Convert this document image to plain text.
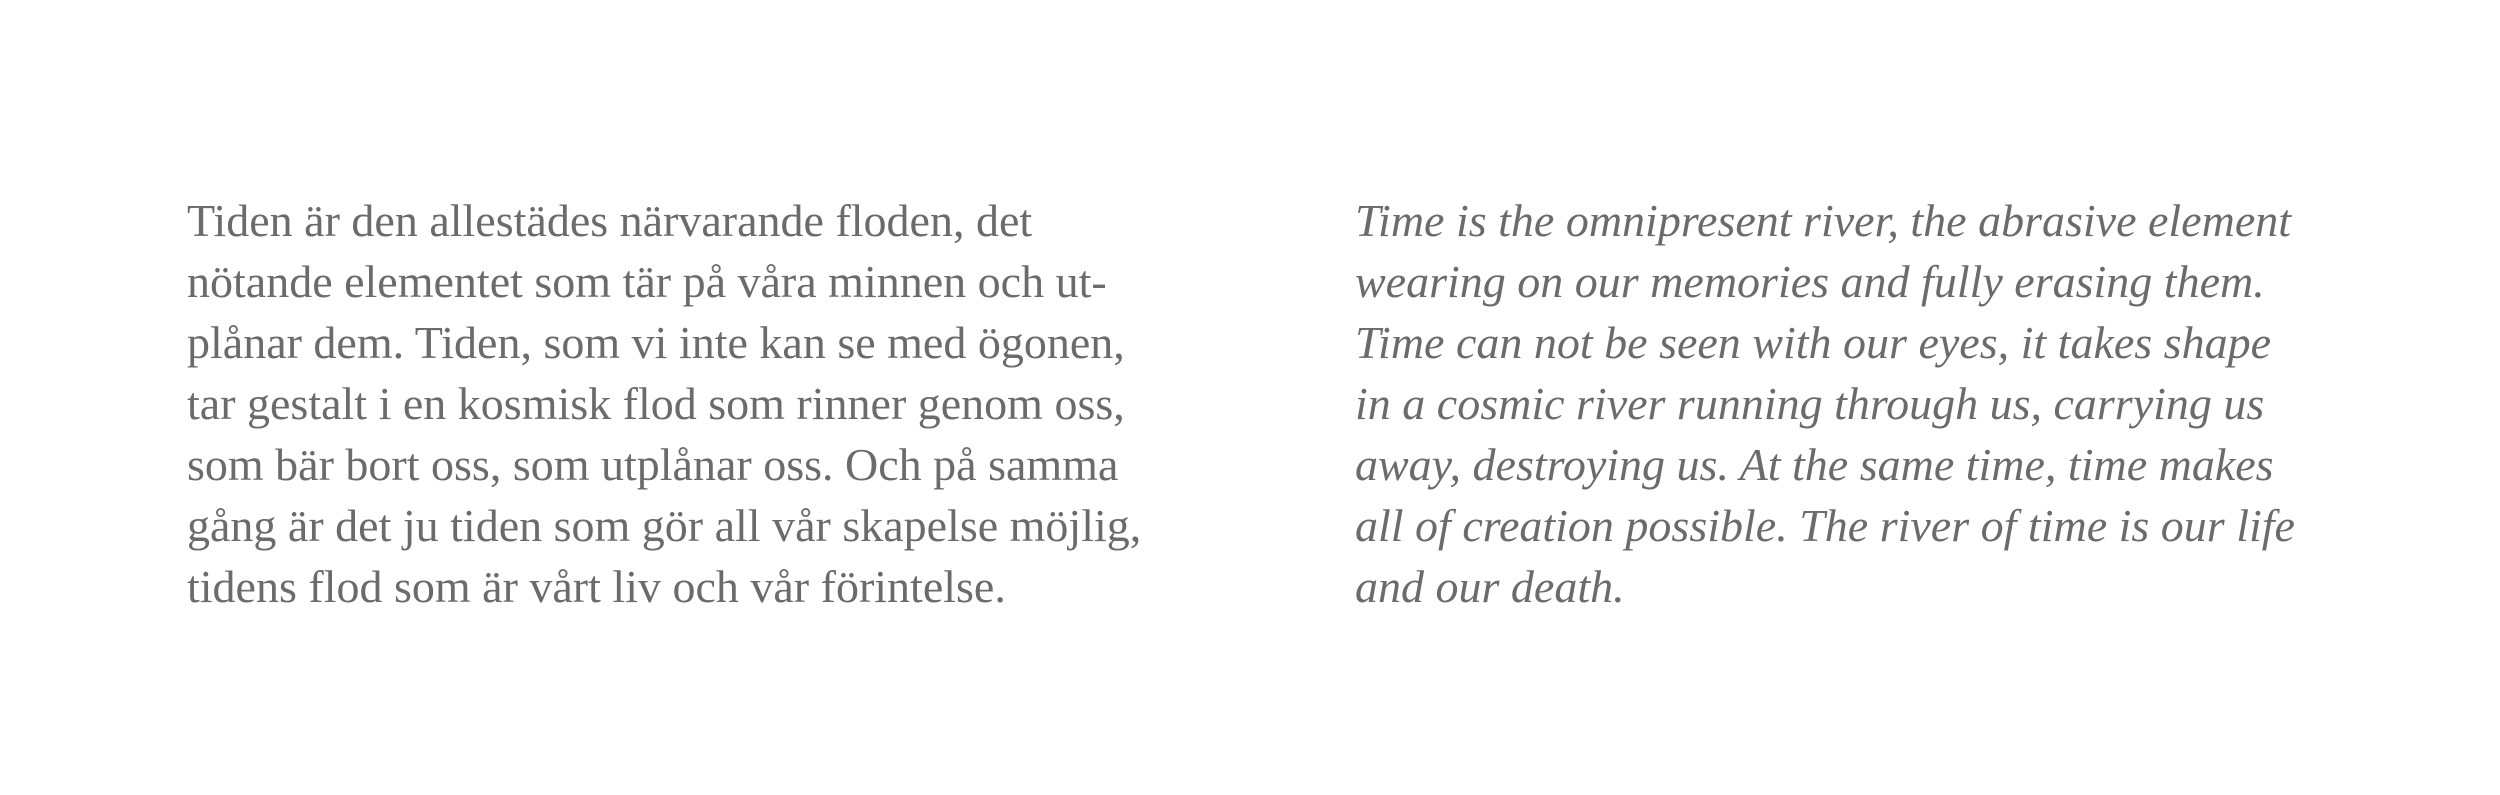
Tiden är den allestädes närvarande floden, det
nötande elementet som tär på våra minnen och ut-
plånar dem. Tiden, som vi inte kan se med ögonen,
tar gestalt i en kosmisk flod som rinner genom oss,
som bär bort oss, som utplånar oss. Och på samma
gång är det ju tiden som gör all vår skapelse möjlig,
tidens flod som är vårt liv och vår förintelse.

Time is the omnipresent river, the abrasive element
wearing on our memories and fully erasing them.
Time can not be seen with our eyes, it takes shape
in a cosmic river running through us, carrying us
away, destroying us. At the same time, time makes
all of creation possible. The river of time is our life
and our death.
